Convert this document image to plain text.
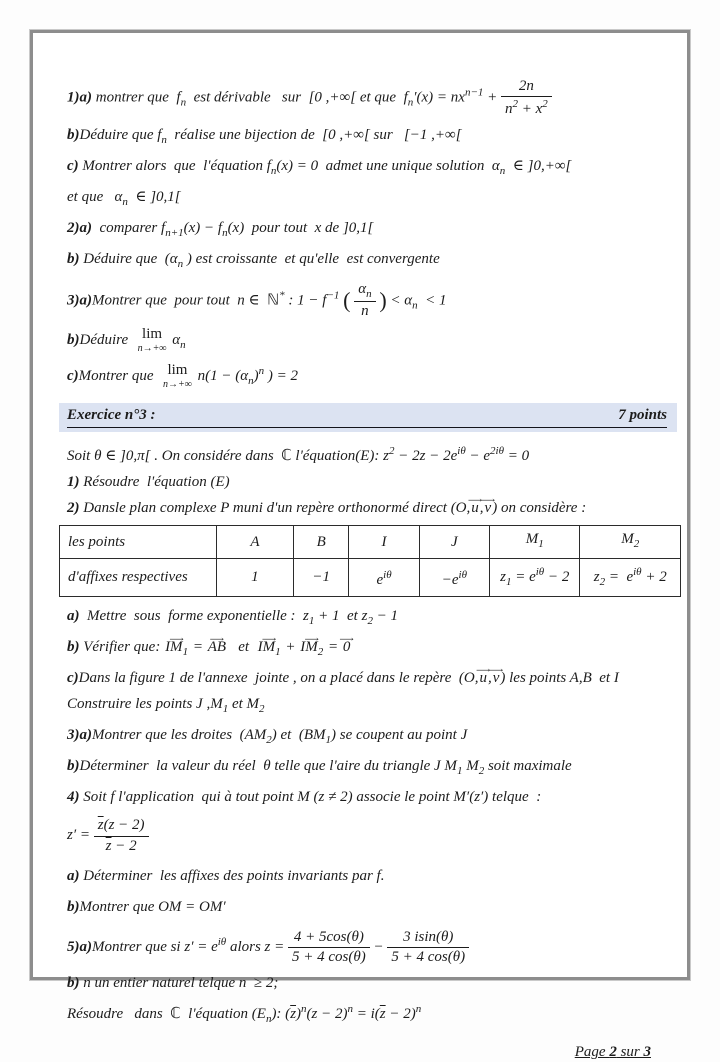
1)a) montrer que  $f_n$  est dérivable   sur  [0 ,+∞[ et que  $f_n'(x) = nx^{n-1} + \frac{2n}{n^2 + x^2}$
b)Déduire que $f_n$  réalise une bijection de  [0 ,+∞[ sur   [−1 ,+∞[
c) Montrer alors  que  l'équation $f_n(x) = 0$  admet une unique solution  $\alpha_n$  ∈ ]0,+∞[
et que   $\alpha_n$  ∈ ]0,1[
2)a)  comparer $f_{n+1}(x) - f_n(x)$  pour tout  x de ]0,1[
b) Déduire que  ($\alpha_n$ ) est croissante  et qu'elle  est convergente
3)a)Montrer que  pour tout  n ∈  ℕ* : $1 - f^{-1}$ ( $\frac{\alpha_n}{n}$ ) < $\alpha_n < 1$
b)Déduire lim
n→+∞
$\alpha_n$
c)Montrer que lim
n→+∞
$n(1 - (\alpha_n)^n$ ) = 2
Exercice n°3 :	7 points
Soit θ ∈ ]0,π[ . On considére dans  ℂ l'équation(E): $z^2 - 2z - 2e^{i\theta} - e^{2i\theta} = 0$
1) Résoudre  l'équation (E)
2) Dansle plan complexe P muni d'un repère orthonormé direct (O,⟶ u,⟶ v) on considère :
les points	A	B	I	J	$M_1$	$M_2$
d'affixes respectives	1	−1	$e^{i\theta}$	$-e^{i\theta}$	$z_1 = e^{i\theta} - 2$	$z_2 = e^{i\theta} + 2$
a)  Mettre  sous  forme exponentielle :  $z_1 + 1$  et $z_2 - 1$
b) Vérifier que: ⟶ $IM_1$ = ⟶ AB   et  ⟶ $IM_1$ + ⟶ $IM_2$ = ⟶ 0
c)Dans la figure 1 de l'annexe  jointe , on a placé dans le repère  (O,⟶ u,⟶ v) les points A,B  et I
Construire les points J $,M_1$ et $M_2$
3)a)Montrer que les droites  $(AM_2)$ et  $(BM_1)$ se coupent au point J
b)Déterminer  la valeur du réel  θ telle que l'aire du triangle J $M_1$ $M_2$ soit maximale
4) Soit f l'application  qui à tout point M (z ≠ 2) associe le point M′(z′) telque  :
$z' = \frac{\overline{z}(z - 2)}{\overline{z} - 2}$
a) Déterminer  les affixes des points invariants par f.
b)Montrer que OM = OM′
5)a)Montrer que si $z' = e^{i\theta}$ alors $z = \frac{4 + 5\cos(\theta)}{5 + 4 \cos(\theta)} - \frac{3 isin(\theta)}{5 + 4 \cos(\theta)}$
b) n un entier naturel telque n  ≥ 2;
Résoudre   dans  ℂ  l'équation $(E_n)$: $(\overline{z})^n(z - 2)^n = i(\overline{z} - 2)^n$
Page 2 sur 3
